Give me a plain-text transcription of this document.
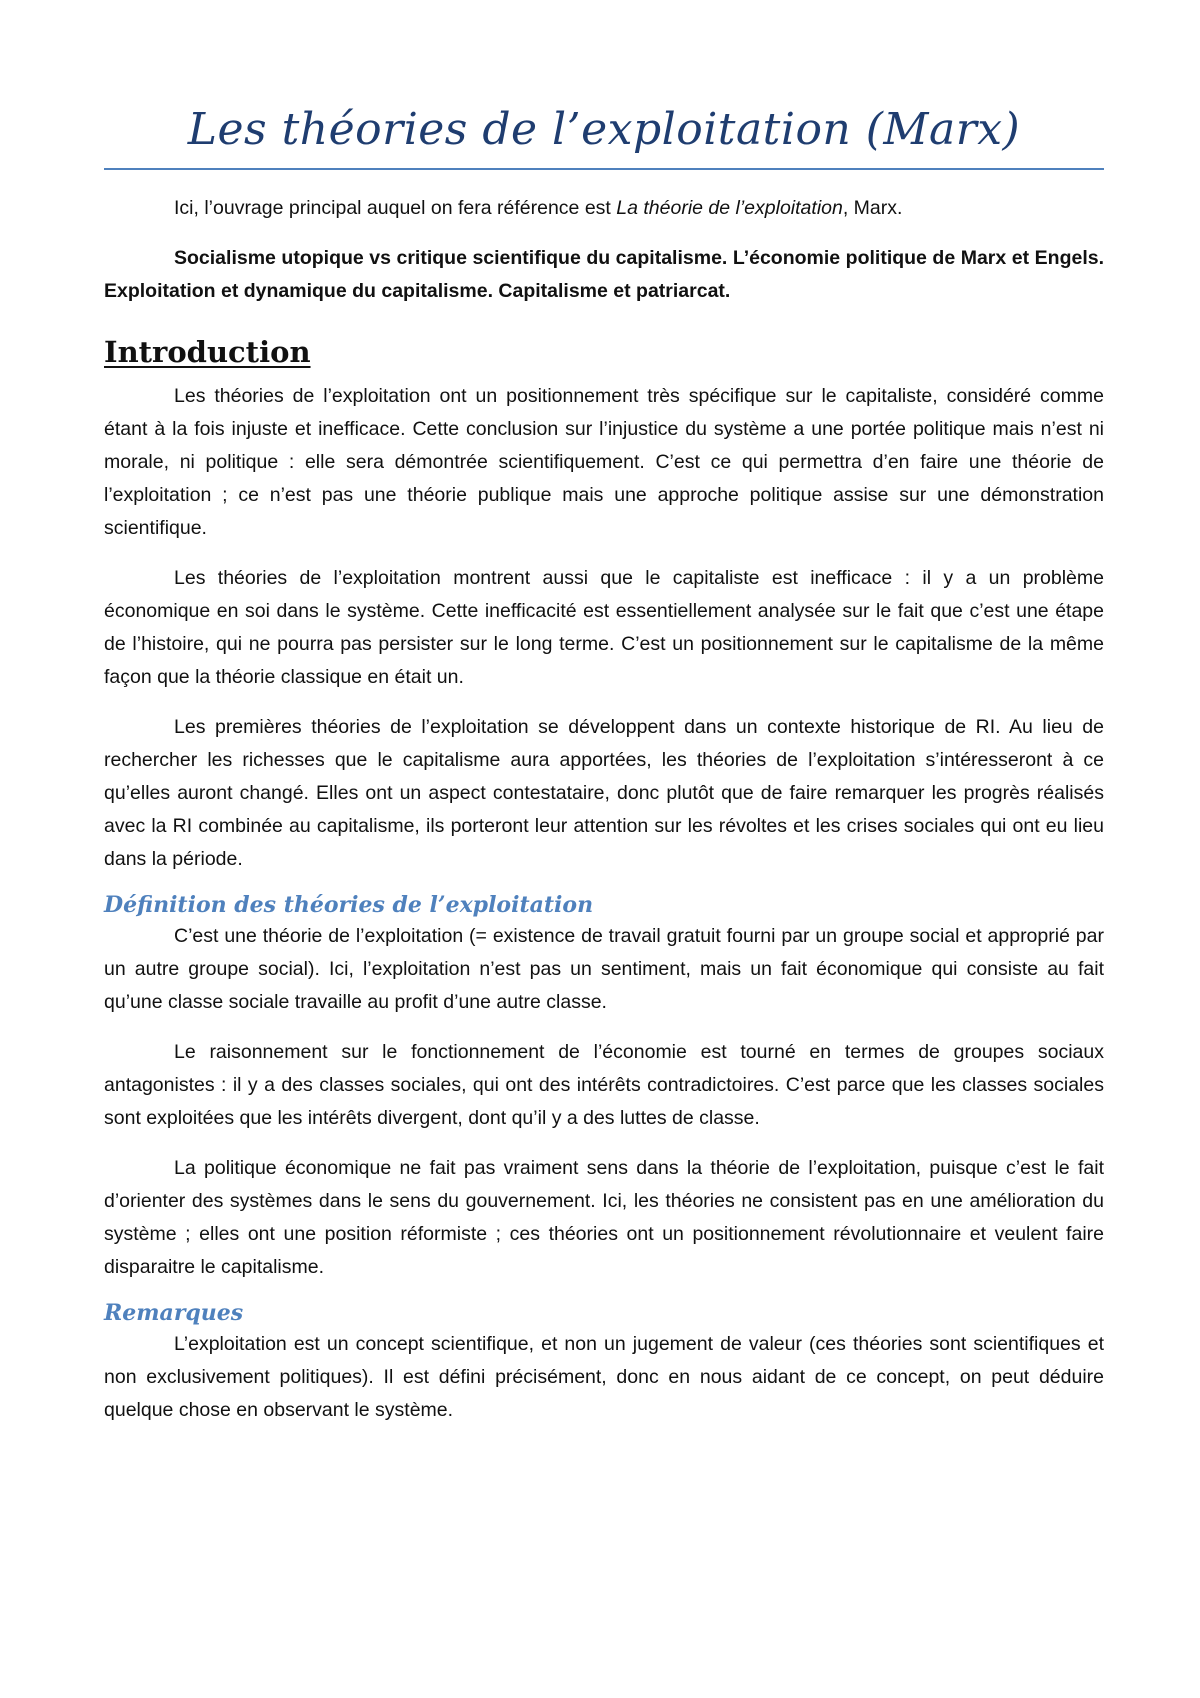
Les théories de l’exploitation (Marx)

Ici, l’ouvrage principal auquel on fera référence est La théorie de l’exploitation, Marx.

Socialisme utopique vs critique scientifique du capitalisme. L’économie politique de Marx et Engels. Exploitation et dynamique du capitalisme. Capitalisme et patriarcat.

Introduction

Les théories de l’exploitation ont un positionnement très spécifique sur le capitaliste, considéré comme étant à la fois injuste et inefficace. Cette conclusion sur l’injustice du système a une portée politique mais n’est ni morale, ni politique : elle sera démontrée scientifiquement. C’est ce qui permettra d’en faire une théorie de l’exploitation ; ce n’est pas une théorie publique mais une approche politique assise sur une démonstration scientifique.

Les théories de l’exploitation montrent aussi que le capitaliste est inefficace : il y a un problème économique en soi dans le système. Cette inefficacité est essentiellement analysée sur le fait que c’est une étape de l’histoire, qui ne pourra pas persister sur le long terme. C’est un positionnement sur le capitalisme de la même façon que la théorie classique en était un.

Les premières théories de l’exploitation se développent dans un contexte historique de RI. Au lieu de rechercher les richesses que le capitalisme aura apportées, les théories de l’exploitation s’intéresseront à ce qu’elles auront changé. Elles ont un aspect contestataire, donc plutôt que de faire remarquer les progrès réalisés avec la RI combinée au capitalisme, ils porteront leur attention sur les révoltes et les crises sociales qui ont eu lieu dans la période.

Définition des théories de l’exploitation

C’est une théorie de l’exploitation (= existence de travail gratuit fourni par un groupe social et approprié par un autre groupe social). Ici, l’exploitation n’est pas un sentiment, mais un fait économique qui consiste au fait qu’une classe sociale travaille au profit d’une autre classe.

Le raisonnement sur le fonctionnement de l’économie est tourné en termes de groupes sociaux antagonistes : il y a des classes sociales, qui ont des intérêts contradictoires. C’est parce que les classes sociales sont exploitées que les intérêts divergent, dont qu’il y a des luttes de classe.

La politique économique ne fait pas vraiment sens dans la théorie de l’exploitation, puisque c’est le fait d’orienter des systèmes dans le sens du gouvernement. Ici, les théories ne consistent pas en une amélioration du système ; elles ont une position réformiste ; ces théories ont un positionnement révolutionnaire et veulent faire disparaitre le capitalisme.

Remarques

L’exploitation est un concept scientifique, et non un jugement de valeur (ces théories sont scientifiques et non exclusivement politiques). Il est défini précisément, donc en nous aidant de ce concept, on peut déduire quelque chose en observant le système.
